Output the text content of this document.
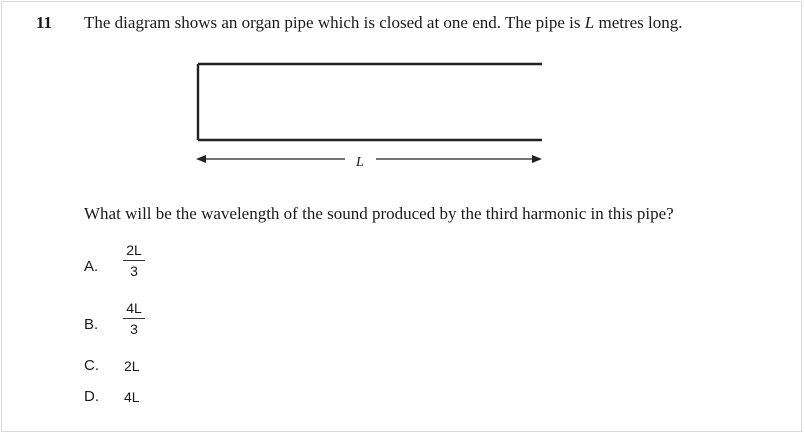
11 The diagram shows an organ pipe which is closed at one end. The pipe is L metres long.
L
What will be the wavelength of the sound produced by the third harmonic in this pipe?
A.
2L
3
B.
4L
3
C. 2L
D. 4L
